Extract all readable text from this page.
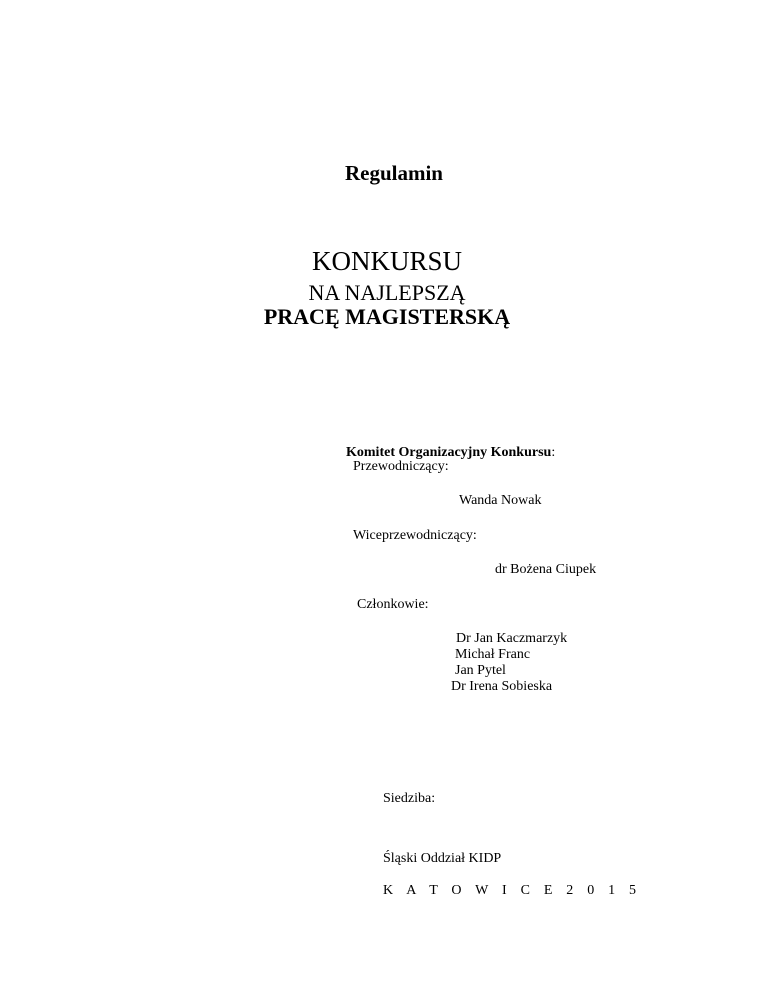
Regulamin
KONKURSU
NA NAJLEPSZĄ
PRACĘ MAGISTERSKĄ
Komitet Organizacyjny Konkursu:
Przewodniczący:
Wanda Nowak
Wiceprzewodniczący:
dr Bożena Ciupek
Członkowie:
Dr Jan Kaczmarzyk
Michał Franc
Jan Pytel
Dr Irena Sobieska
Siedziba:
Śląski Oddział KIDP
K A T O W I C E 2 0 1 5
